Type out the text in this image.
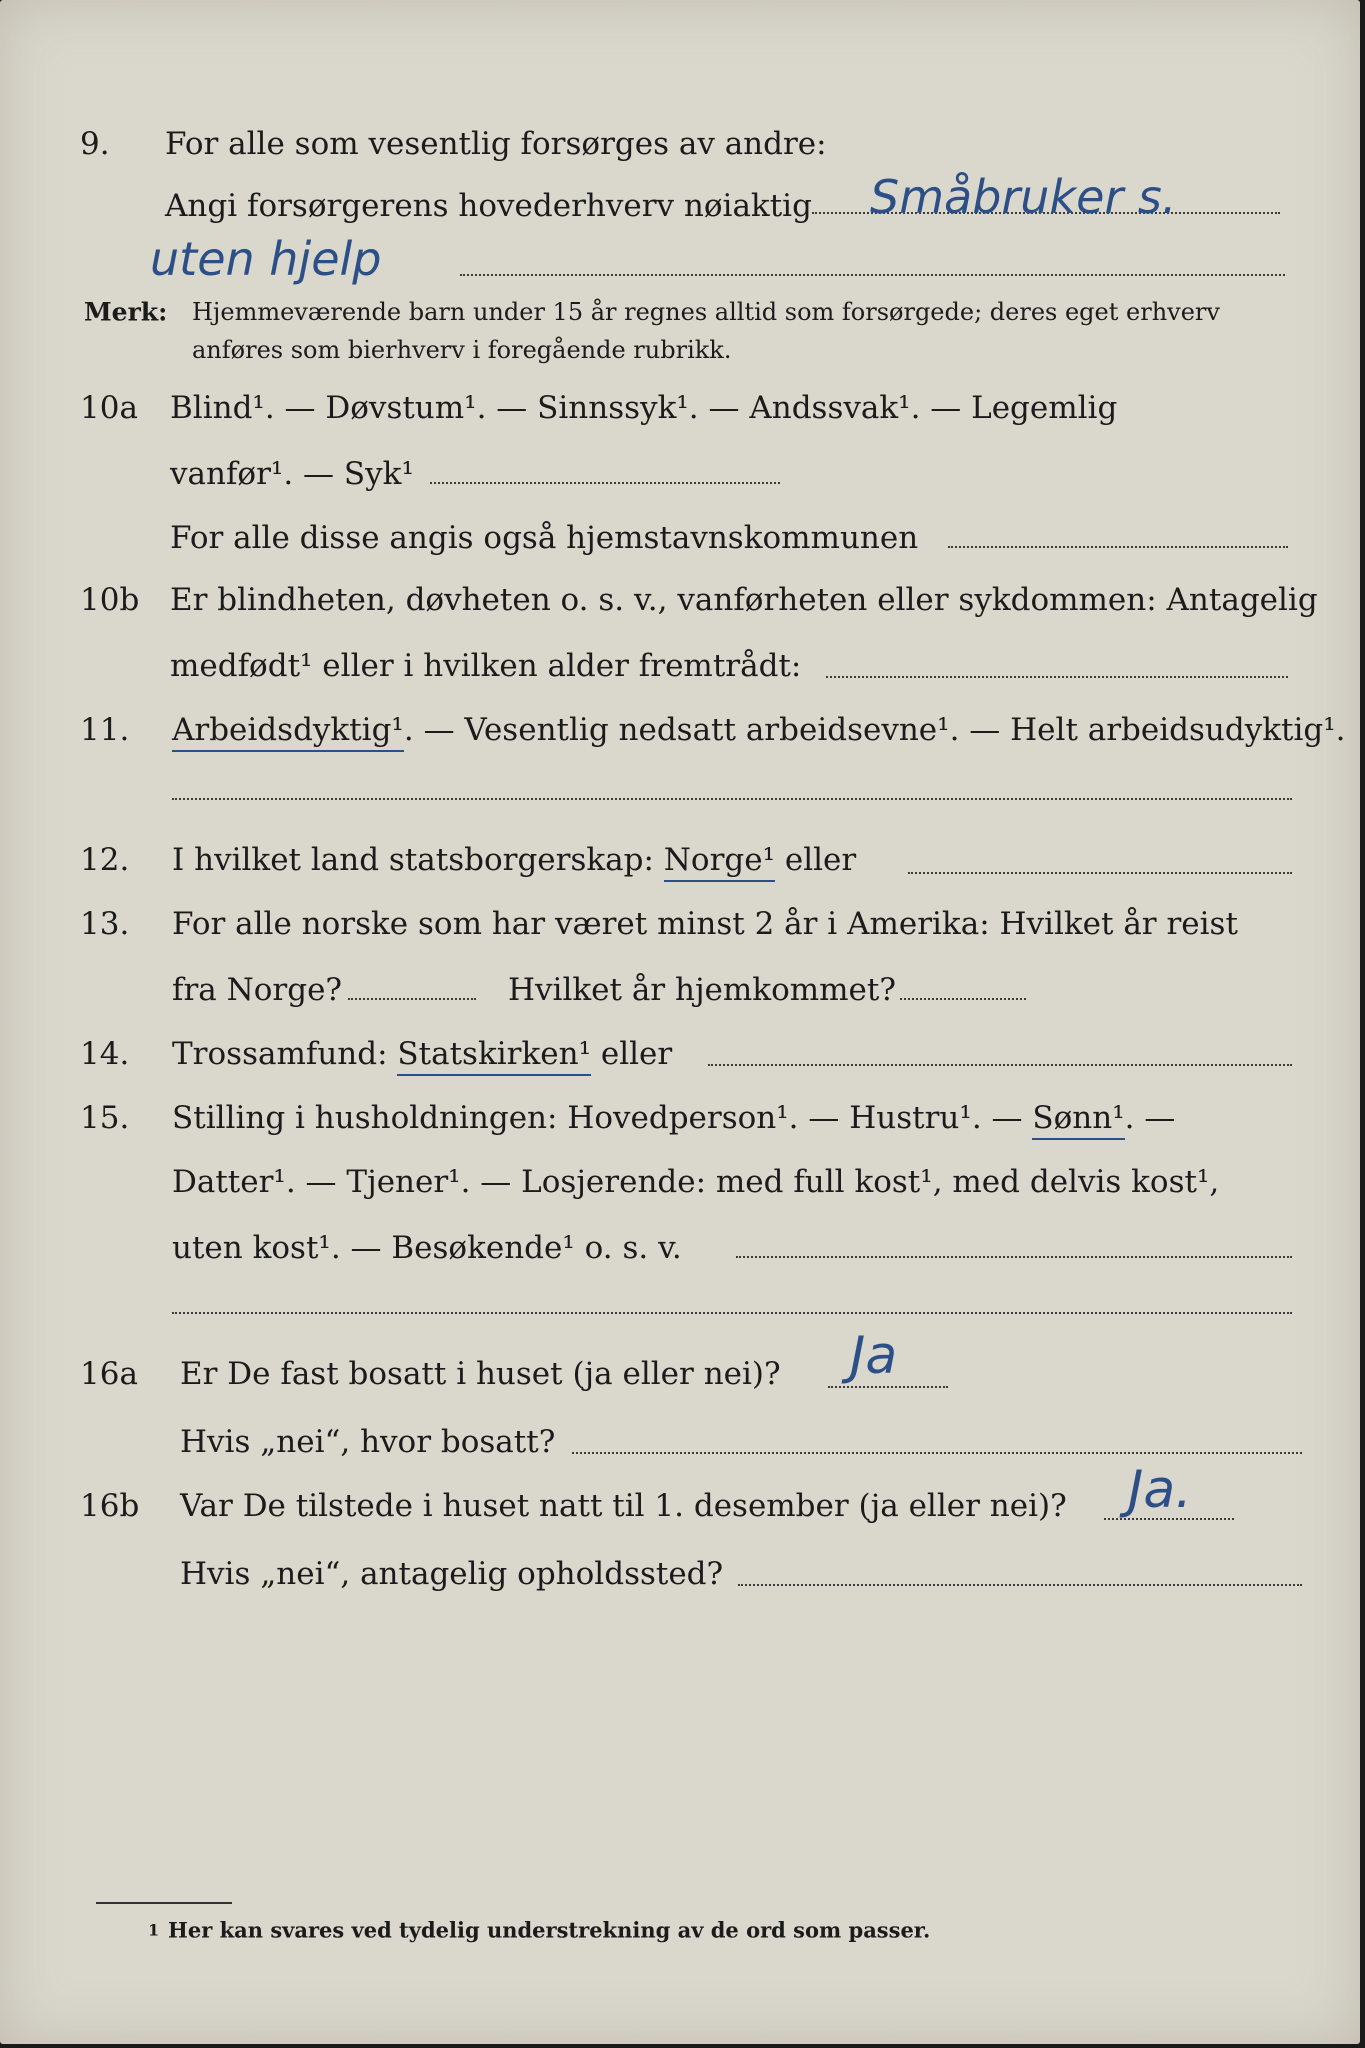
9.	For alle som vesentlig forsørges av andre:
Angi forsørgerens hovederhverv nøiaktig Småbruker s.
uten hjelp
Merk: Hjemmeværende barn under 15 år regnes alltid som forsørgede; deres eget erhverv
anføres som bierhverv i foregående rubrikk.
10a	Blind¹. — Døvstum¹. — Sinnssyk¹. — Andssvak¹. — Legemlig
vanfør¹. — Syk¹
For alle disse angis også hjemstavnskommunen
10b Er blindheten, døvheten o. s. v., vanførheten eller sykdommen: Antagelig
medfødt¹ eller i hvilken alder fremtrådt:
11.	Arbeidsdyktig¹. — Vesentlig nedsatt arbeidsevne¹. — Helt arbeidsudyktig¹.
12.	I hvilket land statsborgerskap: Norge¹ eller
13.	For alle norske som har været minst 2 år i Amerika: Hvilket år reist
fra Norge?	Hvilket år hjemkommet?
14.	Trossamfund: Statskirken¹ eller
15.	Stilling i husholdningen: Hovedperson¹. — Hustru¹. — Sønn¹. —
Datter¹. — Tjener¹. — Losjerende: med full kost¹, med delvis kost¹,
uten kost¹. — Besøkende¹ o. s. v.
16a	Er De fast bosatt i huset (ja eller nei)? Ja
Hvis „nei“, hvor bosatt?
16b	Var De tilstede i huset natt til 1. desember (ja eller nei)? Ja.
Hvis „nei“, antagelig opholdssted?
1 Her kan svares ved tydelig understrekning av de ord som passer.
